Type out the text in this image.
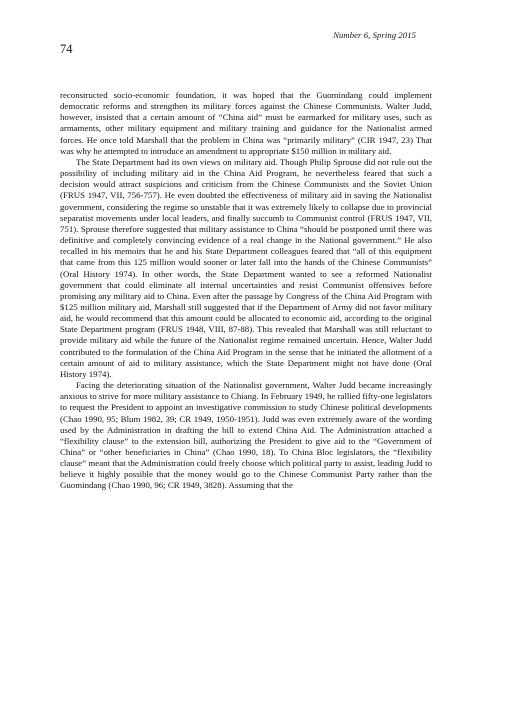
Number 6, Spring 2015
74

reconstructed socio-economic foundation, it was hoped that the Guomindang could implement democratic reforms and strengthen its military forces against the Chinese Communists. Walter Judd, however, insisted that a certain amount of “China aid” must be earmarked for military uses, such as armaments, other military equipment and military training and guidance for the Nationalist armed forces. He once told Marshall that the problem in China was “primarily military” (CIR 1947, 23) That was why he attempted to introduce an amendment to appropriate $150 million in military aid.

The State Department had its own views on military aid. Though Philip Sprouse did not rule out the possibility of including military aid in the China Aid Program, he nevertheless feared that such a decision would attract suspicions and criticism from the Chinese Communists and the Soviet Union (FRUS 1947, VII, 756-757). He even doubted the effectiveness of military aid in saving the Nationalist government, considering the regime so unstable that it was extremely likely to collapse due to provincial separatist movements under local leaders, and finally succumb to Communist control (FRUS 1947, VII, 751). Sprouse therefore suggested that military assistance to China “should be postponed until there was definitive and completely convincing evidence of a real change in the National government.” He also recalled in his memoirs that he and his State Department colleagues feared that “all of this equipment that came from this 125 million would sooner or later fall into the hands of the Chinese Communists” (Oral History 1974). In other words, the State Department wanted to see a reformed Nationalist government that could eliminate all internal uncertainties and resist Communist offensives before promising any military aid to China. Even after the passage by Congress of the China Aid Program with $125 million military aid, Marshall still suggested that if the Department of Army did not favor military aid, he would recommend that this amount could be allocated to economic aid, according to the original State Department program (FRUS 1948, VIII, 87-88). This revealed that Marshall was still reluctant to provide military aid while the future of the Nationalist regime remained uncertain. Hence, Walter Judd contributed to the formulation of the China Aid Program in the sense that he initiated the allotment of a certain amount of aid to military assistance, which the State Department might not have done (Oral History 1974).

Facing the deteriorating situation of the Nationalist government, Walter Judd became increasingly anxious to strive for more military assistance to Chiang. In February 1949, he rallied fifty-one legislators to request the President to appoint an investigative commission to study Chinese political developments (Chao 1990, 95; Blum 1982, 39; CR 1949, 1950-1951). Judd was even extremely aware of the wording used by the Administration in drafting the bill to extend China Aid. The Administration attached a “flexibility clause” to the extension bill, authorizing the President to give aid to the “Government of China” or “other beneficiaries in China” (Chao 1990, 18). To China Bloc legislators, the “flexibility clause” meant that the Administration could freely choose which political party to assist, leading Judd to believe it highly possible that the money would go to the Chinese Communist Party rather than the Guomindang (Chao 1990, 96; CR 1949, 3828). Assuming that the
